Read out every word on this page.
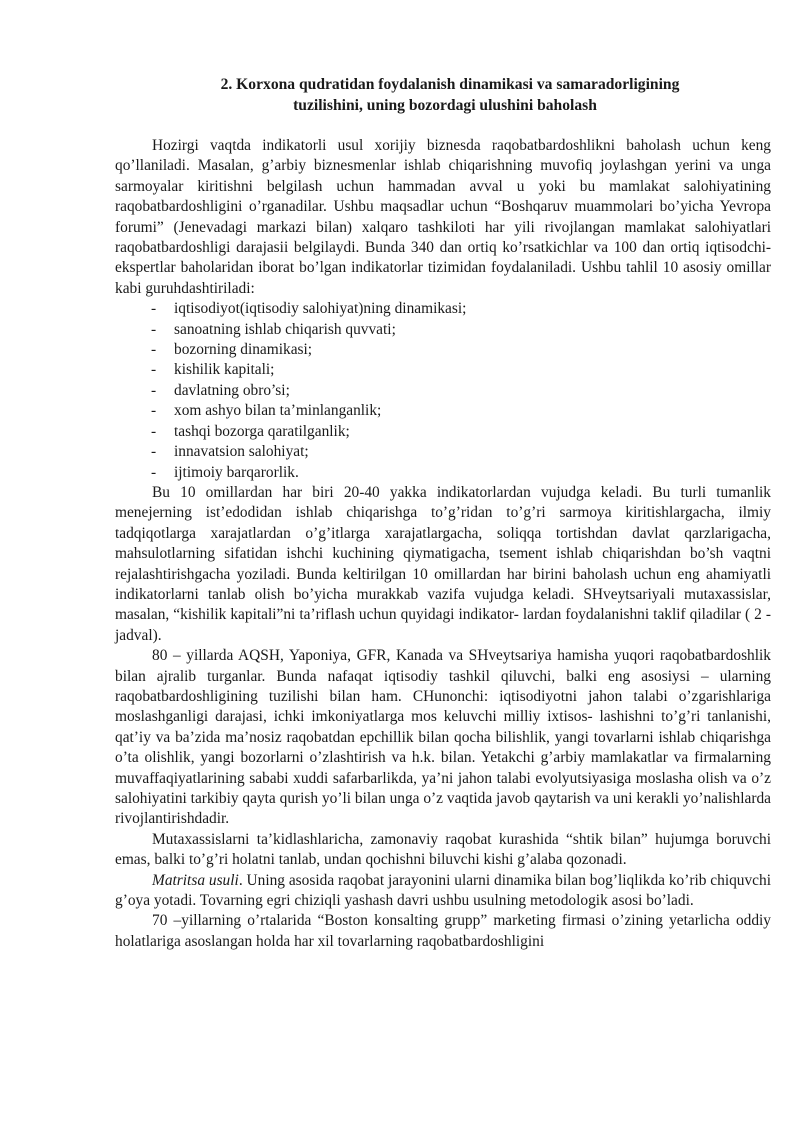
2. Korxona qudratidan foydalanish dinamikasi va samaradorligining
tuzilishini, uning bozordagi ulushini baholash

Hozirgi vaqtda indikatorli usul xorijiy biznesda raqobatbardoshlikni baholash uchun keng qo’llaniladi. Masalan, g’arbiy biznesmenlar ishlab chiqarishning muvofiq joylashgan yerini va unga sarmoyalar kiritishni belgilash uchun hammadan avval u yoki bu mamlakat salohiyatining raqobatbardoshligini o’rganadilar. Ushbu maqsadlar uchun “Boshqaruv muammolari bo’yicha Yevropa forumi” (Jenevadagi markazi bilan) xalqaro tashkiloti har yili rivojlangan mamlakat salohiyatlari raqobatbardoshligi darajasii belgilaydi. Bunda 340 dan ortiq ko’rsatkichlar va 100 dan ortiq iqtisodchi-ekspertlar baholaridan iborat bo’lgan indikatorlar tizimidan foydalaniladi. Ushbu tahlil 10 asosiy omillar kabi guruhdashtiriladi:

- iqtisodiyot(iqtisodiy salohiyat)ning dinamikasi;
- sanoatning ishlab chiqarish quvvati;
- bozorning dinamikasi;
- kishilik kapitali;
- davlatning obro’si;
- xom ashyo bilan ta’minlanganlik;
- tashqi bozorga qaratilganlik;
- innavatsion salohiyat;
- ijtimoiy barqarorlik.

Bu 10 omillardan har biri 20-40 yakka indikatorlardan vujudga keladi. Bu turli tumanlik menejerning ist’edodidan ishlab chiqarishga to’g’ridan to’g’ri sarmoya kiritishlargacha, ilmiy tadqiqotlarga xarajatlardan o’g’itlarga xarajatlargacha, soliqqa tortishdan davlat qarzlarigacha, mahsulotlarning sifatidan ishchi kuchining qiymatigacha, tsement ishlab chiqarishdan bo’sh vaqtni rejalashtirishgacha yoziladi. Bunda keltirilgan 10 omillardan har birini baholash uchun eng ahamiyatli indikatorlarni tanlab olish bo’yicha murakkab vazifa vujudga keladi. SHveytsariyali mutaxassislar, masalan, “kishilik kapitali”ni ta’riflash uchun quyidagi indikator- lardan foydalanishni taklif qiladilar ( 2 - jadval).

80 – yillarda AQSH, Yaponiya, GFR, Kanada va SHveytsariya hamisha yuqori raqobatbardoshlik bilan ajralib turganlar. Bunda nafaqat iqtisodiy tashkil qiluvchi, balki eng asosiysi – ularning raqobatbardoshligining tuzilishi bilan ham. CHunonchi: iqtisodiyotni jahon talabi o’zgarishlariga moslashganligi darajasi, ichki imkoniyatlarga mos keluvchi milliy ixtisos- lashishni to’g’ri tanlanishi, qat’iy va ba’zida ma’nosiz raqobatdan epchillik bilan qocha bilishlik, yangi tovarlarni ishlab chiqarishga o’ta olishlik, yangi bozorlarni o’zlashtirish va h.k. bilan. Yetakchi g’arbiy mamlakatlar va firmalarning muvaffaqiyatlarining sababi xuddi safarbarlikda, ya’ni jahon talabi evolyutsiyasiga moslasha olish va o’z salohiyatini tarkibiy qayta qurish yo’li bilan unga o’z vaqtida javob qaytarish va uni kerakli yo’nalishlarda rivojlantirishdadir.

Mutaxassislarni ta’kidlashlaricha, zamonaviy raqobat kurashida “shtik bilan” hujumga boruvchi emas, balki to’g’ri holatni tanlab, undan qochishni biluvchi kishi g’alaba qozonadi.

Matritsa usuli. Uning asosida raqobat jarayonini ularni dinamika bilan bog’liqlikda ko’rib chiquvchi g’oya yotadi. Tovarning egri chiziqli yashash davri ushbu usulning metodologik asosi bo’ladi.

70 –yillarning o’rtalarida “Boston konsalting grupp” marketing firmasi o’zining yetarlicha oddiy holatlariga asoslangan holda har xil tovarlarning raqobatbardoshligini
